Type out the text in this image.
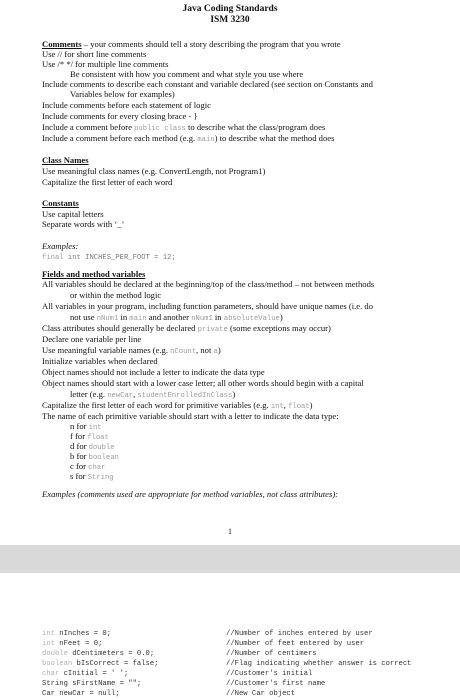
Java Coding Standards
ISM 3230
Comments – your comments should tell a story describing the program that you wrote
Use // for short line comments
Use /* */ for multiple line comments
Be consistent with how you comment and what style you use where
Include comments to describe each constant and variable declared (see section on Constants and
Variables below for examples)
Include comments before each statement of logic
Include comments for every closing brace - }
Include a comment before public class to describe what the class/program does
Include a comment before each method (e.g. main) to describe what the method does
Class Names
Use meaningful class names (e.g. ConvertLength, not Program1)
Capitalize the first letter of each word
Constants
Use capital letters
Separate words with ‘_’
Examples:
final int INCHES_PER_FOOT = 12;
Fields and method variables
All variables should be declared at the beginning/top of the class/method – not between methods
or within the method logic
All variables in your program, including function parameters, should have unique names (i.e. do
not use nNum1 in main and another nNum1 in absoluteValue)
Class attributes should generally be declared private (some exceptions may occur)
Declare one variable per line
Use meaningful variable names (e.g. nCount, not a)
Initialize variables when declared
Object names should not include a letter to indicate the data type
Object names should start with a lower case letter; all other words should begin with a capital
letter (e.g. newCar, studentEnrolledInClass)
Capitalize the first letter of each word for primitive variables (e.g. int, float)
The name of each primitive variable should start with a letter to indicate the data type:
n for int
f for float
d for double
b for boolean
c for char
s for String
Examples (comments used are appropriate for method variables, not class attributes):
1
int nInches = 0;
int nFeet = 0;
double dCentimeters = 0.0;
boolean bIsCorrect = false;
char cInitial = ' ';
String sFirstName = "";
Car newCar = null;
//Number of inches entered by user
//Number of feet entered by user
//Number of centimers
//Flag indicating whether answer is correct
//Customer's initial
//Customer's first name
//New Car object
